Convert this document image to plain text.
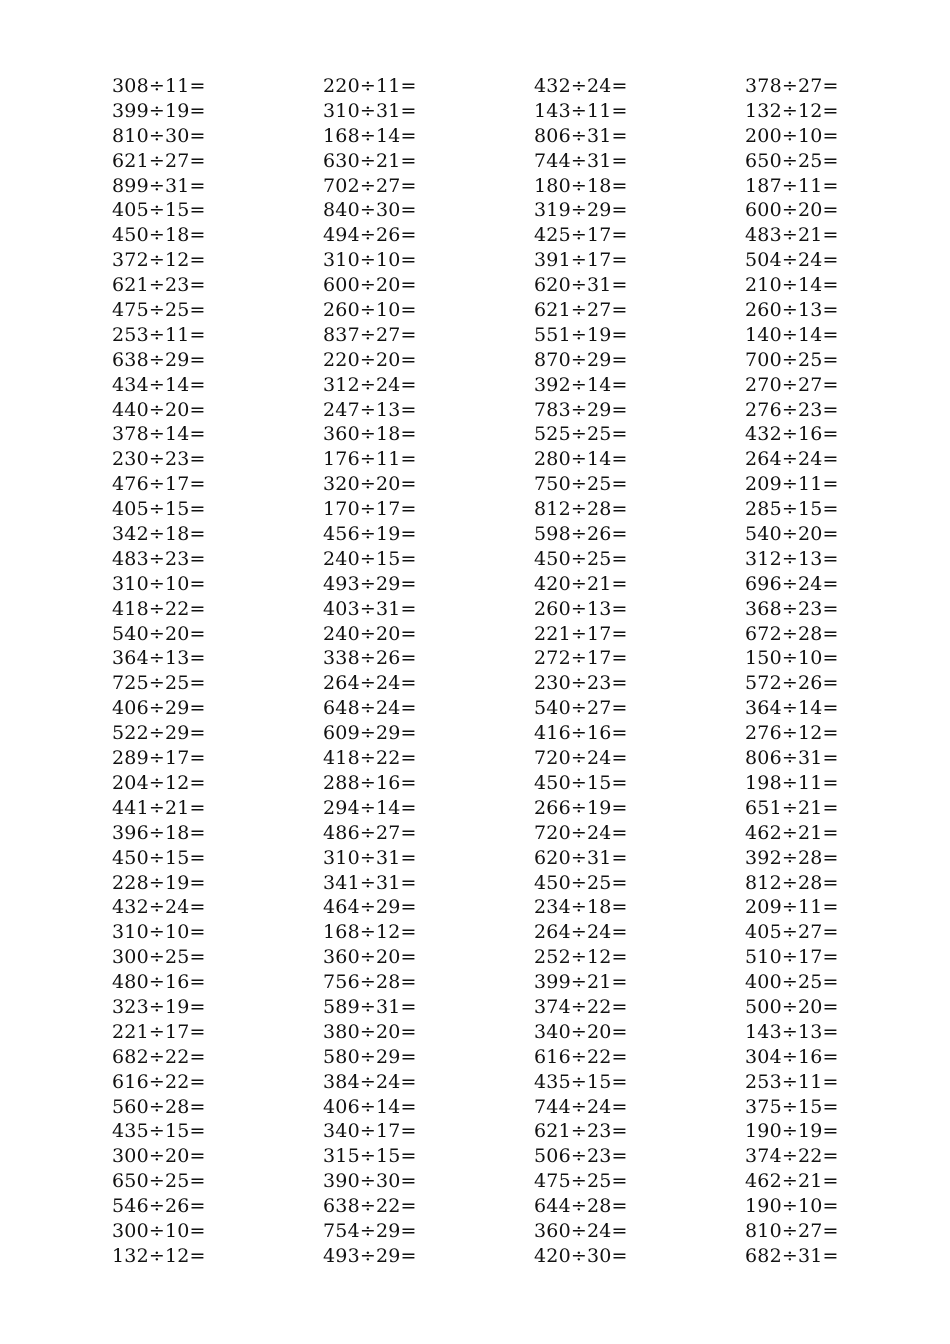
308÷11=
399÷19=
810÷30=
621÷27=
899÷31=
405÷15=
450÷18=
372÷12=
621÷23=
475÷25=
253÷11=
638÷29=
434÷14=
440÷20=
378÷14=
230÷23=
476÷17=
405÷15=
342÷18=
483÷23=
310÷10=
418÷22=
540÷20=
364÷13=
725÷25=
406÷29=
522÷29=
289÷17=
204÷12=
441÷21=
396÷18=
450÷15=
228÷19=
432÷24=
310÷10=
300÷25=
480÷16=
323÷19=
221÷17=
682÷22=
616÷22=
560÷28=
435÷15=
300÷20=
650÷25=
546÷26=
300÷10=
132÷12=
220÷11=
310÷31=
168÷14=
630÷21=
702÷27=
840÷30=
494÷26=
310÷10=
600÷20=
260÷10=
837÷27=
220÷20=
312÷24=
247÷13=
360÷18=
176÷11=
320÷20=
170÷17=
456÷19=
240÷15=
493÷29=
403÷31=
240÷20=
338÷26=
264÷24=
648÷24=
609÷29=
418÷22=
288÷16=
294÷14=
486÷27=
310÷31=
341÷31=
464÷29=
168÷12=
360÷20=
756÷28=
589÷31=
380÷20=
580÷29=
384÷24=
406÷14=
340÷17=
315÷15=
390÷30=
638÷22=
754÷29=
493÷29=
432÷24=
143÷11=
806÷31=
744÷31=
180÷18=
319÷29=
425÷17=
391÷17=
620÷31=
621÷27=
551÷19=
870÷29=
392÷14=
783÷29=
525÷25=
280÷14=
750÷25=
812÷28=
598÷26=
450÷25=
420÷21=
260÷13=
221÷17=
272÷17=
230÷23=
540÷27=
416÷16=
720÷24=
450÷15=
266÷19=
720÷24=
620÷31=
450÷25=
234÷18=
264÷24=
252÷12=
399÷21=
374÷22=
340÷20=
616÷22=
435÷15=
744÷24=
621÷23=
506÷23=
475÷25=
644÷28=
360÷24=
420÷30=
378÷27=
132÷12=
200÷10=
650÷25=
187÷11=
600÷20=
483÷21=
504÷24=
210÷14=
260÷13=
140÷14=
700÷25=
270÷27=
276÷23=
432÷16=
264÷24=
209÷11=
285÷15=
540÷20=
312÷13=
696÷24=
368÷23=
672÷28=
150÷10=
572÷26=
364÷14=
276÷12=
806÷31=
198÷11=
651÷21=
462÷21=
392÷28=
812÷28=
209÷11=
405÷27=
510÷17=
400÷25=
500÷20=
143÷13=
304÷16=
253÷11=
375÷15=
190÷19=
374÷22=
462÷21=
190÷10=
810÷27=
682÷31=
